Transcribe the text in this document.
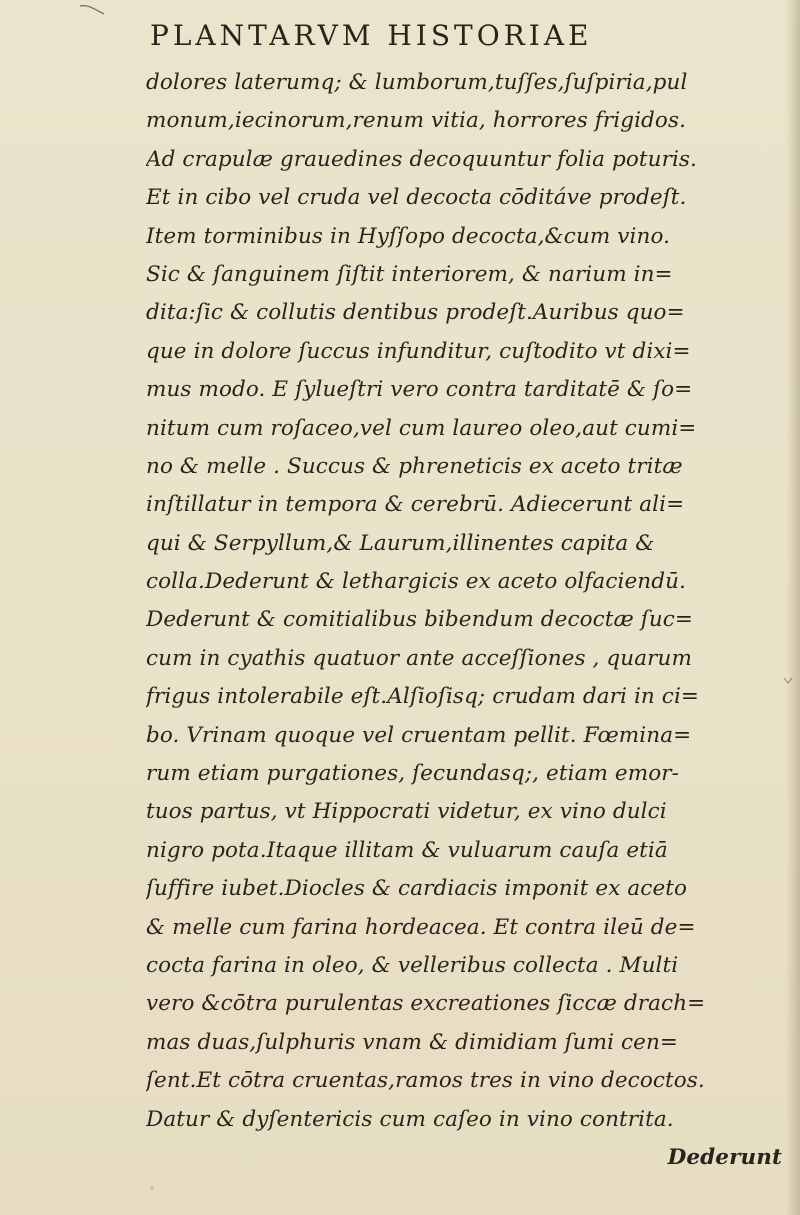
PLANTARVM HISTORIAE
dolores laterumq; & lumborum,tuſſes,ſuſpiria,pul
monum,iecinorum,renum vitia, horrores frigidos.
Ad crapulæ grauedines decoquuntur folia poturis.
Et in cibo vel cruda vel decocta cōditáve prodeſt.
Item torminibus in Hyſſopo decocta,&cum vino.
Sic & ſanguinem ſiſtit interiorem, & narium in=
dita:ſic & collutis dentibus prodeſt.Auribus quo=
que in dolore ſuccus infunditur, cuſtodito vt dixi=
mus modo. E ſylueſtri vero contra tarditatē & ſo=
nitum cum roſaceo,vel cum laureo oleo,aut cumi=
no & melle . Succus & phreneticis ex aceto tritæ
inſtillatur in tempora & cerebrū. Adiecerunt ali=
qui & Serpyllum,& Laurum,illinentes capita &
colla.Dederunt & lethargicis ex aceto olfaciendū.
Dederunt & comitialibus bibendum decoctæ ſuc=
cum in cyathis quatuor ante acceſſiones , quarum
frigus intolerabile eſt.Alſioſisq; crudam dari in ci=
bo. Vrinam quoque vel cruentam pellit. Fœmina=
rum etiam purgationes, ſecundasq;, etiam emor-
tuos partus, vt Hippocrati videtur, ex vino dulci
nigro pota.Itaque illitam & vuluarum cauſa etiā
ſuffire iubet.Diocles & cardiacis imponit ex aceto
& melle cum farina hordeacea. Et contra ileū de=
cocta farina in oleo, & velleribus collecta . Multi
vero &cōtra purulentas excreationes ſiccæ drach=
mas duas,ſulphuris vnam & dimidiam ſumi cen=
ſent.Et cōtra cruentas,ramos tres in vino decoctos.
Datur & dyſentericis cum caſeo in vino contrita.
Dederunt
